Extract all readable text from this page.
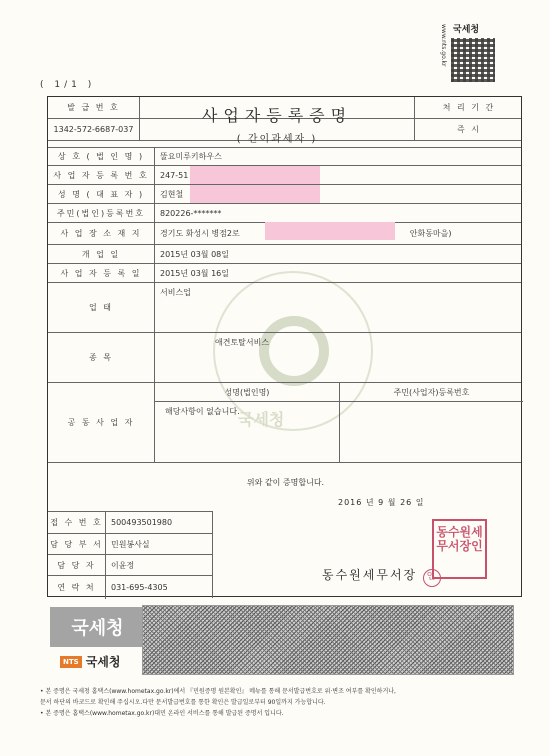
( 1/1 )
www.nts.go.kr 국세청
국세청
발 급 번 호	처 리 기 간
1342-572-6687-037	즉 시
사업자등록증명
( 간이과세자 )
상 호 ( 법 인 명 )	뚤요미루키하우스
사 업 자 등 록 번 호	247-51
성 명 ( 대 표 자 )	김현철
주민(법인)등록번호	820226-*******
사 업 장 소 재 지	경기도 화성시 병점2로	안화동마을)
개 업 일	2015년 03월 08일
사 업 자 등 록 일	2015년 03월 16일
업 태
서비스업
종 목
애견토탈서비스
공 동 사 업 자
성명(법인명)	주민(사업자)등록번호
해당사항이 없습니다.
위와 같이 증명합니다.
2016 년 9 월 26 일
접 수 번 호	500493501980
담 당 부 서	민원봉사실
담 당 자	이윤정
연 락 처	031-695-4305
동수원세무서장인
동수원세무서장 인
국세청
NTS 국세청
• 본 증명은 국세청 홈택스(www.hometax.go.kr)에서 『민원증명 원본확인』 메뉴를 통해 문서발급번호로 위·변조 여부를 확인하거나,
문서 하단의 바코드로 확인해 주십시오.다만 문서발급번호를 통한 확인은 발급일로부터 90일까지 가능합니다.
• 본 증명은 홈택스(www.hometax.go.kr)대민 온라인 서비스를 통해 발급된 증명서 입니다.
